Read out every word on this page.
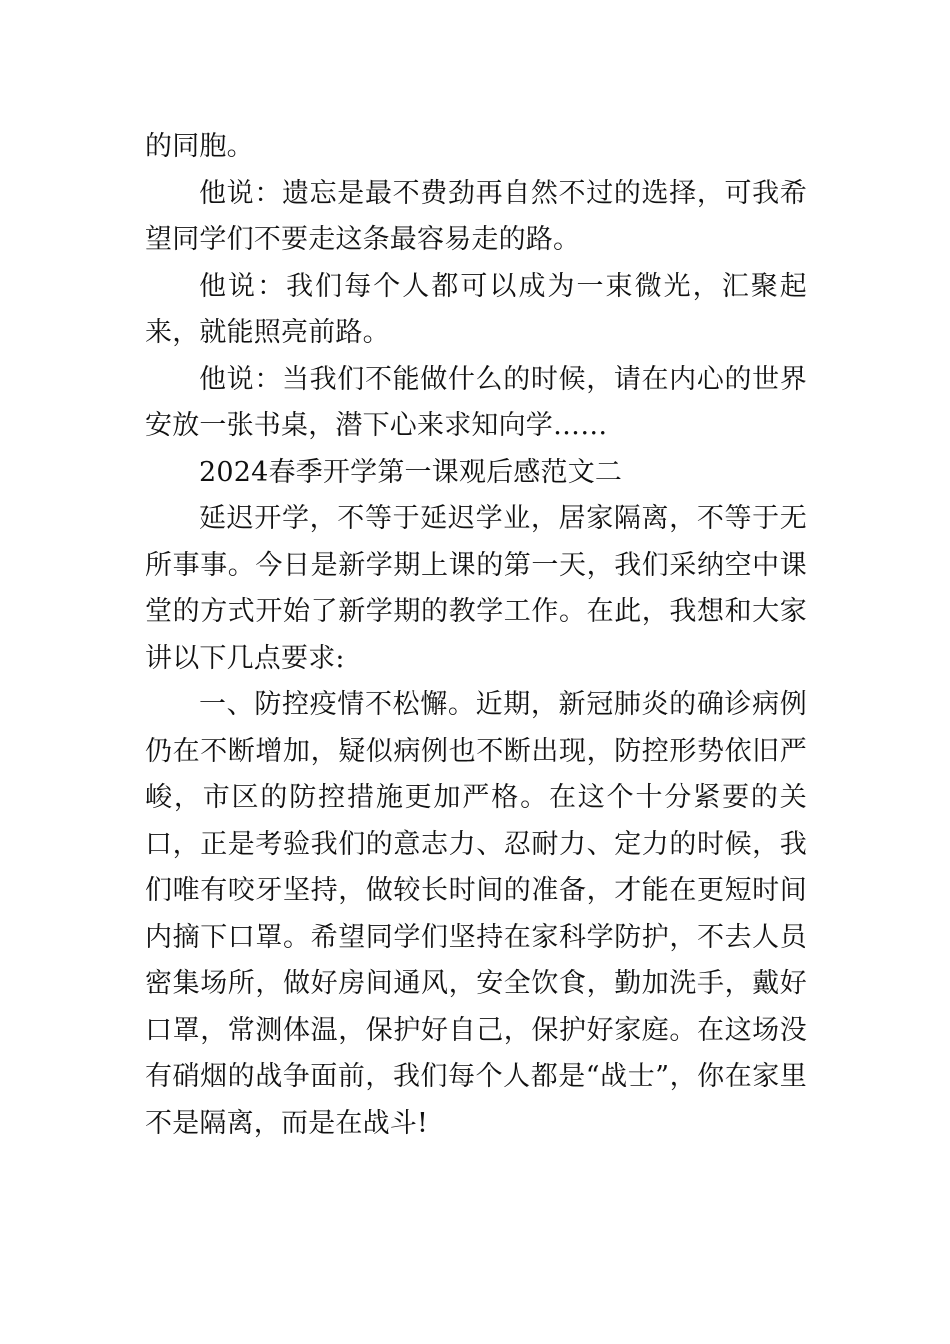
的同胞。

他说：遗忘是最不费劲再自然不过的选择，可我希望同学们不要走这条最容易走的路。

他说：我们每个人都可以成为一束微光，汇聚起来，就能照亮前路。

他说：当我们不能做什么的时候，请在内心的世界安放一张书桌，潜下心来求知向学……

2024春季开学第一课观后感范文二

延迟开学，不等于延迟学业，居家隔离，不等于无所事事。今日是新学期上课的第一天，我们采纳空中课堂的方式开始了新学期的教学工作。在此，我想和大家讲以下几点要求:

一、防控疫情不松懈。近期，新冠肺炎的确诊病例仍在不断增加，疑似病例也不断出现，防控形势依旧严峻，市区的防控措施更加严格。在这个十分紧要的关口，正是考验我们的意志力、忍耐力、定力的时候，我们唯有咬牙坚持，做较长时间的准备，才能在更短时间内摘下口罩。希望同学们坚持在家科学防护，不去人员密集场所，做好房间通风，安全饮食，勤加洗手，戴好口罩，常测体温，保护好自己，保护好家庭。在这场没有硝烟的战争面前，我们每个人都是“战士”，你在家里不是隔离，而是在战斗!
